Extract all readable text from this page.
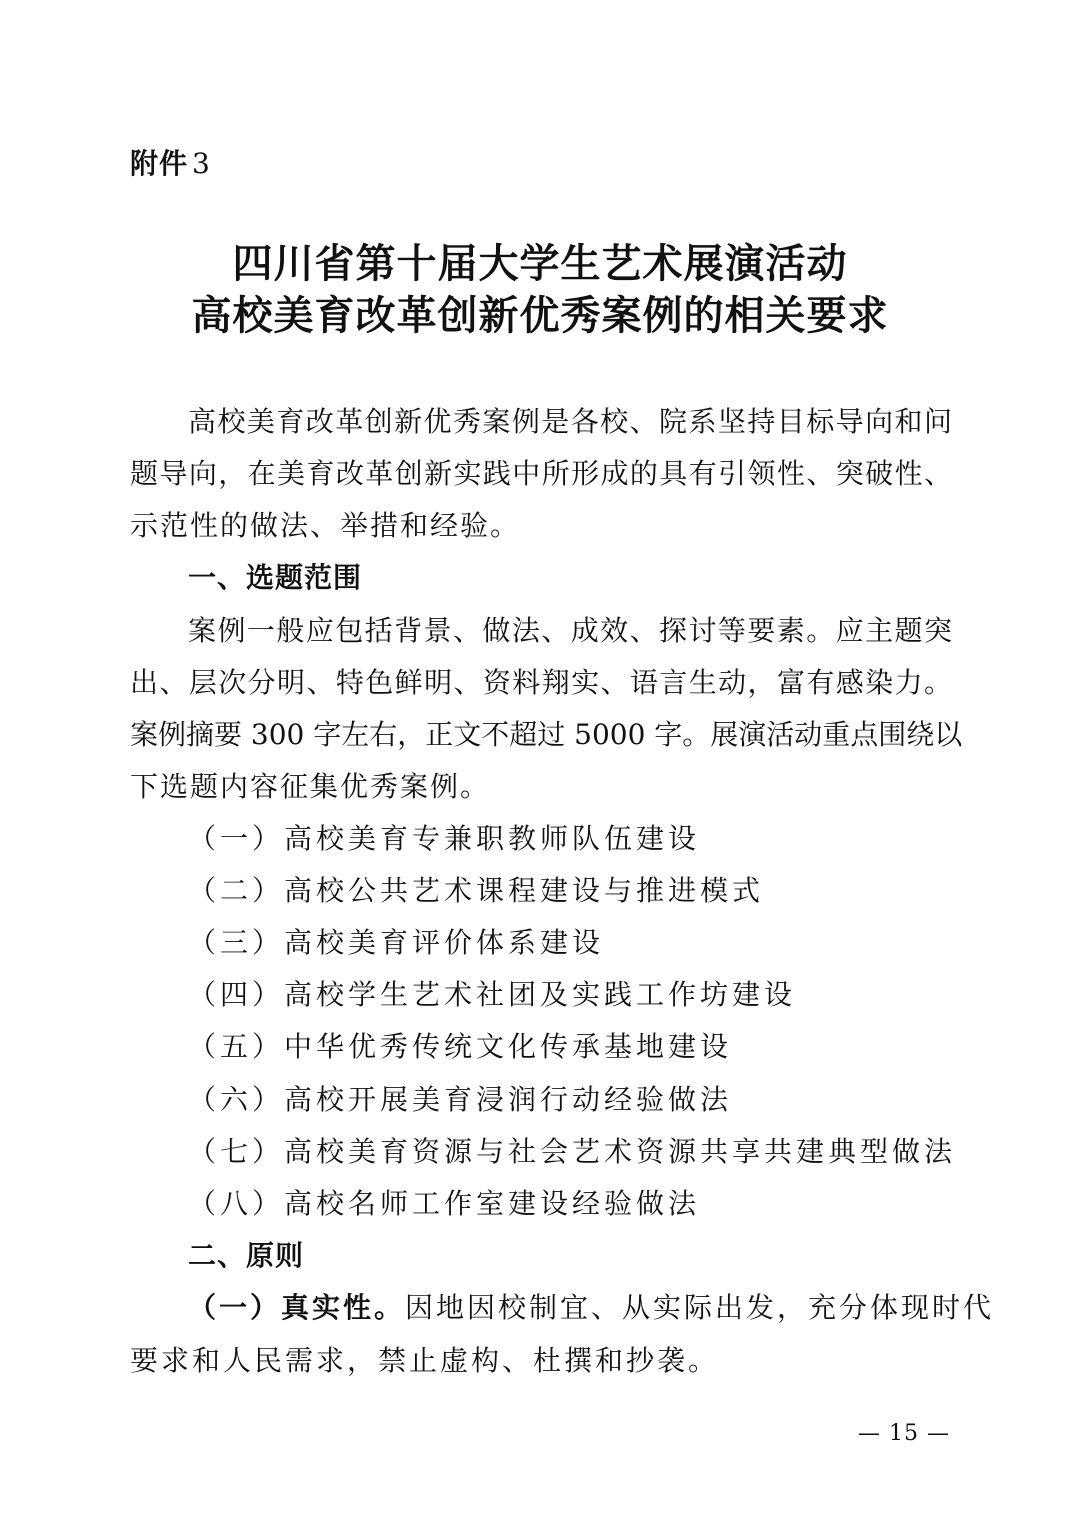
附件 3
四川省第十届大学生艺术展演活动
高校美育改革创新优秀案例的相关要求
高校美育改革创新优秀案例是各校、院系坚持目标导向和问
题导向，在美育改革创新实践中所形成的具有引领性、突破性、
示范性的做法、举措和经验。
一、选题范围
案例一般应包括背景、做法、成效、探讨等要素。应主题突
出、层次分明、特色鲜明、资料翔实、语言生动，富有感染力。
案例摘要 300 字左右，正文不超过 5000 字。展演活动重点围绕以
下选题内容征集优秀案例。
（一）高校美育专兼职教师队伍建设
（二）高校公共艺术课程建设与推进模式
（三）高校美育评价体系建设
（四）高校学生艺术社团及实践工作坊建设
（五）中华优秀传统文化传承基地建设
（六）高校开展美育浸润行动经验做法
（七）高校美育资源与社会艺术资源共享共建典型做法
（八）高校名师工作室建设经验做法
二、原则
（一）真实性。因地因校制宜、从实际出发，充分体现时代
要求和人民需求，禁止虚构、杜撰和抄袭。
— 15 —
